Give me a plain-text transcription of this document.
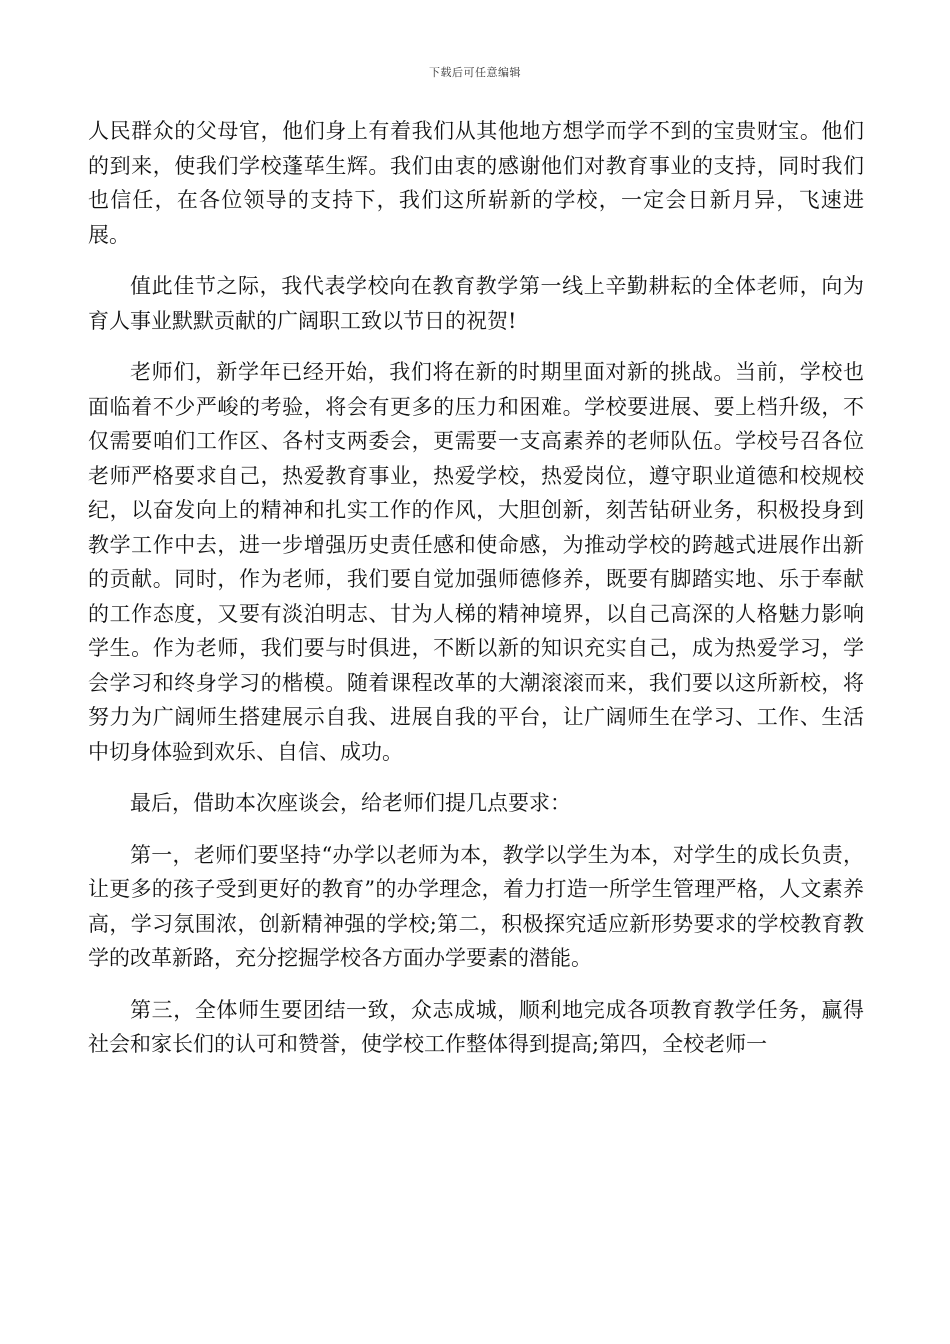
下载后可任意编辑

人民群众的父母官，他们身上有着我们从其他地方想学而学不到的宝贵财宝。他们的到来，使我们学校蓬荜生辉。我们由衷的感谢他们对教育事业的支持，同时我们也信任，在各位领导的支持下，我们这所崭新的学校，一定会日新月异，飞速进展。

值此佳节之际，我代表学校向在教育教学第一线上辛勤耕耘的全体老师，向为育人事业默默贡献的广阔职工致以节日的祝贺!

老师们，新学年已经开始，我们将在新的时期里面对新的挑战。当前，学校也面临着不少严峻的考验，将会有更多的压力和困难。学校要进展、要上档升级，不仅需要咱们工作区、各村支两委会，更需要一支高素养的老师队伍。学校号召各位老师严格要求自己，热爱教育事业，热爱学校，热爱岗位，遵守职业道德和校规校纪，以奋发向上的精神和扎实工作的作风，大胆创新，刻苦钻研业务，积极投身到教学工作中去，进一步增强历史责任感和使命感，为推动学校的跨越式进展作出新的贡献。同时，作为老师，我们要自觉加强师德修养，既要有脚踏实地、乐于奉献的工作态度，又要有淡泊明志、甘为人梯的精神境界，以自己高深的人格魅力影响学生。作为老师，我们要与时俱进，不断以新的知识充实自己，成为热爱学习，学会学习和终身学习的楷模。随着课程改革的大潮滚滚而来，我们要以这所新校，将努力为广阔师生搭建展示自我、进展自我的平台，让广阔师生在学习、工作、生活中切身体验到欢乐、自信、成功。

最后，借助本次座谈会，给老师们提几点要求：

第一，老师们要坚持“办学以老师为本，教学以学生为本，对学生的成长负责，让更多的孩子受到更好的教育”的办学理念，着力打造一所学生管理严格，人文素养高，学习氛围浓，创新精神强的学校;第二，积极探究适应新形势要求的学校教育教学的改革新路，充分挖掘学校各方面办学要素的潜能。

第三，全体师生要团结一致，众志成城，顺利地完成各项教育教学任务，赢得社会和家长们的认可和赞誉，使学校工作整体得到提高;第四，全校老师一
